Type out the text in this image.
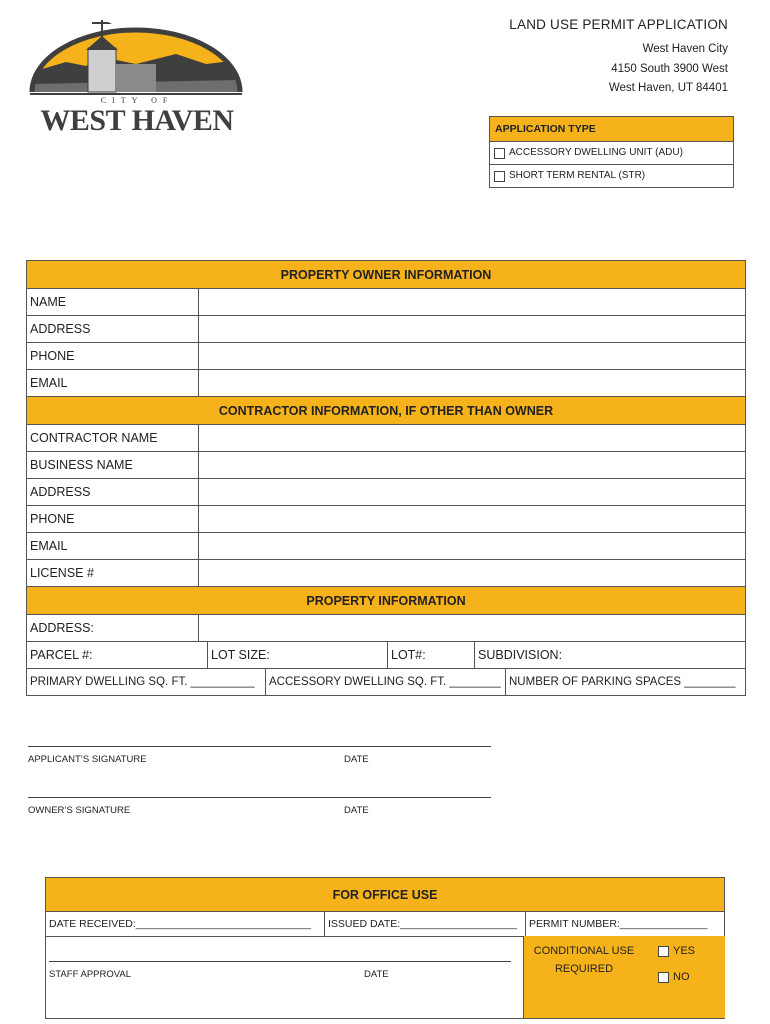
CITY OF
WEST HAVEN
LAND USE PERMIT APPLICATION
West Haven City
4150 South 3900 West
West Haven, UT 84401
APPLICATION TYPE
ACCESSORY DWELLING UNIT (ADU)
SHORT TERM RENTAL (STR)
PROPERTY OWNER INFORMATION
NAME
ADDRESS
PHONE
EMAIL
CONTRACTOR INFORMATION, IF OTHER THAN OWNER
CONTRACTOR NAME
BUSINESS NAME
ADDRESS
PHONE
EMAIL
LICENSE #
PROPERTY INFORMATION
ADDRESS:
PARCEL #:	LOT SIZE:	LOT#:	SUBDIVISION:
PRIMARY DWELLING SQ. FT. __________	ACCESSORY DWELLING SQ. FT. ________ NUMBER OF PARKING SPACES ________
APPLICANT’S SIGNATURE	DATE
OWNER’S SIGNATURE	DATE
FOR OFFICE USE
DATE RECEIVED:______________________________	ISSUED DATE:____________________	PERMIT NUMBER:_______________
STAFF APPROVAL	DATE
CONDITIONAL USE
REQUIRED
YES
NO
